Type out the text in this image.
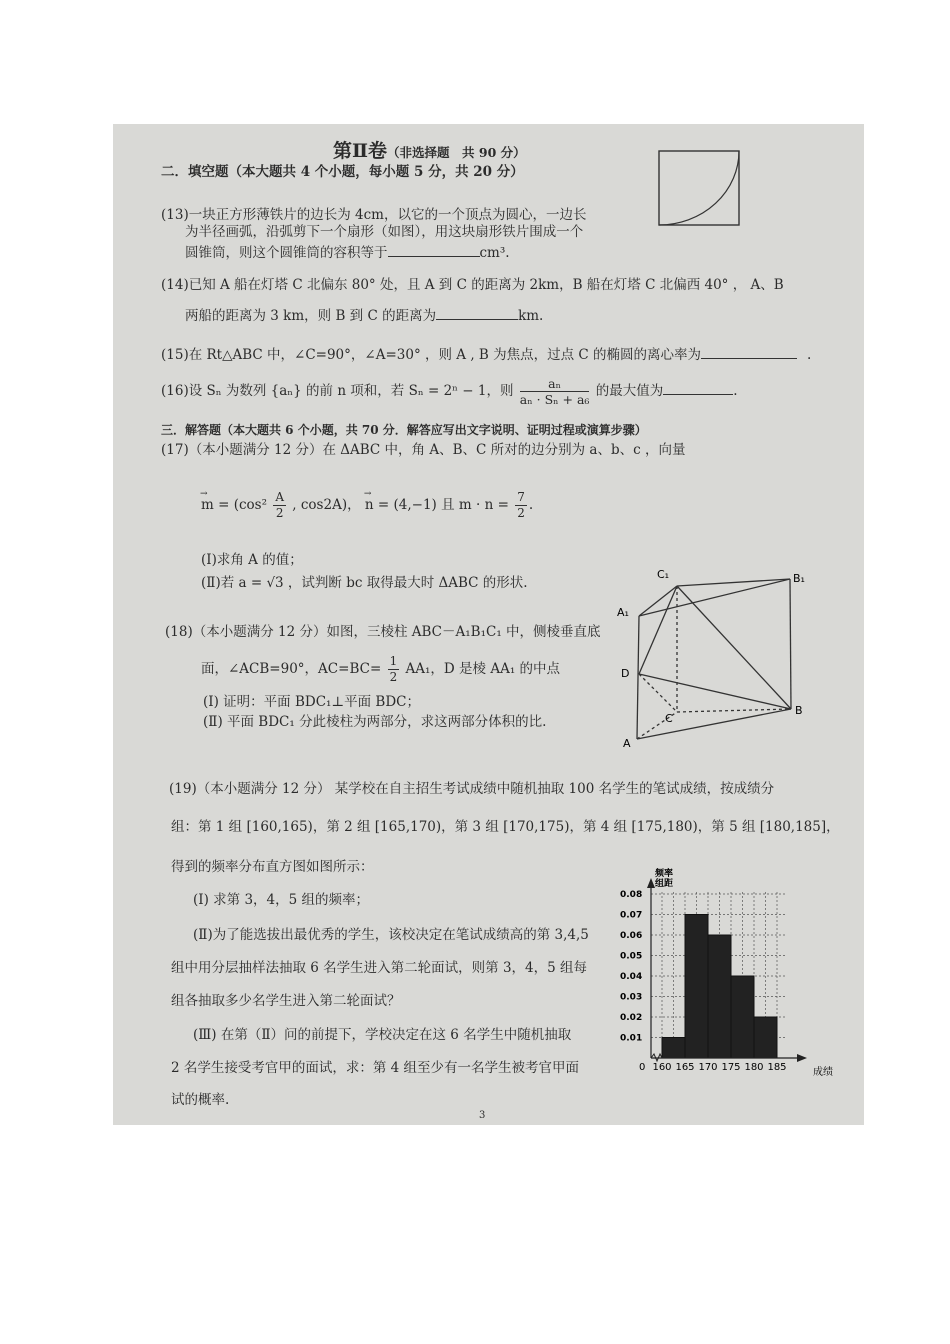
第Ⅱ卷（非选择题　共 90 分）
二．填空题（本大题共 4 个小题，每小题 5 分，共 20 分）
(13)一块正方形薄铁片的边长为 4cm，以它的一个顶点为圆心，一边长
为半径画弧，沿弧剪下一个扇形（如图），用这块扇形铁片围成一个
圆锥筒，则这个圆锥筒的容积等于	cm³.
(14)已知 A 船在灯塔 C 北偏东 80° 处，且 A 到 C 的距离为 2km，B 船在灯塔 C 北偏西 40° ， A、B
两船的距离为 3 km，则 B 到 C 的距离为	km.
(15)在 Rt△ABC 中，∠C=90°，∠A=30° ，则 A , B 为焦点，过点 C 的椭圆的离心率为	.
(16)设 Sₙ 为数列 {aₙ} 的前 n 项和，若 Sₙ = 2ⁿ − 1，则 $\frac{\text{aₙ}}{\text{aₙ · Sₙ + a₆}}$ 的最大值为	.
三．解答题（本大题共 6 个小题，共 70 分．解答应写出文字说明、证明过程或演算步骤）
(17)（本小题满分 12 分）在 ΔABC 中，角 A、B、C 所对的边分别为 a、b、c ，向量
→ $m = (\cos^2 \frac{A}{2}$ , cos2A)， → n = (4,−1) 且 $m \cdot n = \frac{7}{2}$ .
(Ⅰ)求角 A 的值；
(Ⅱ)若 a = √3 ，试判断 bc 取得最大时 ΔABC 的形状.
(18)（本小题满分 12 分）如图，三棱柱 ABC－A₁B₁C₁ 中，侧棱垂直底
面，∠ACB=90°，$AC=BC= \frac{1}{2} AA_1$，D 是棱 AA₁ 的中点
(Ⅰ) 证明：平面 BDC₁⊥平面 BDC；
(Ⅱ) 平面 BDC₁ 分此棱柱为两部分，求这两部分体积的比.
C₁	B₁
A₁
D
C
B
A
(19)（本小题满分 12 分） 某学校在自主招生考试成绩中随机抽取 100 名学生的笔试成绩，按成绩分
组：第 1 组 [160,165)，第 2 组 [165,170)，第 3 组 [170,175)，第 4 组 [175,180)，第 5 组 [180,185]，
得到的频率分布直方图如图所示：
(Ⅰ) 求第 3，4，5 组的频率；
(Ⅱ)为了能选拔出最优秀的学生，该校决定在笔试成绩高的第 3,4,5
组中用分层抽样法抽取 6 名学生进入第二轮面试，则第 3，4，5 组每
组各抽取多少名学生进入第二轮面试？
(Ⅲ) 在第（Ⅱ）问的前提下，学校决定在这 6 名学生中随机抽取
2 名学生接受考官甲的面试，求：第 4 组至少有一名学生被考官甲面
试的概率.
频率
组距
成绩
0
0.01
0.02
0.03
0.04
0.05
0.06
0.07
0.08
160 165 170 175 180 185
3
